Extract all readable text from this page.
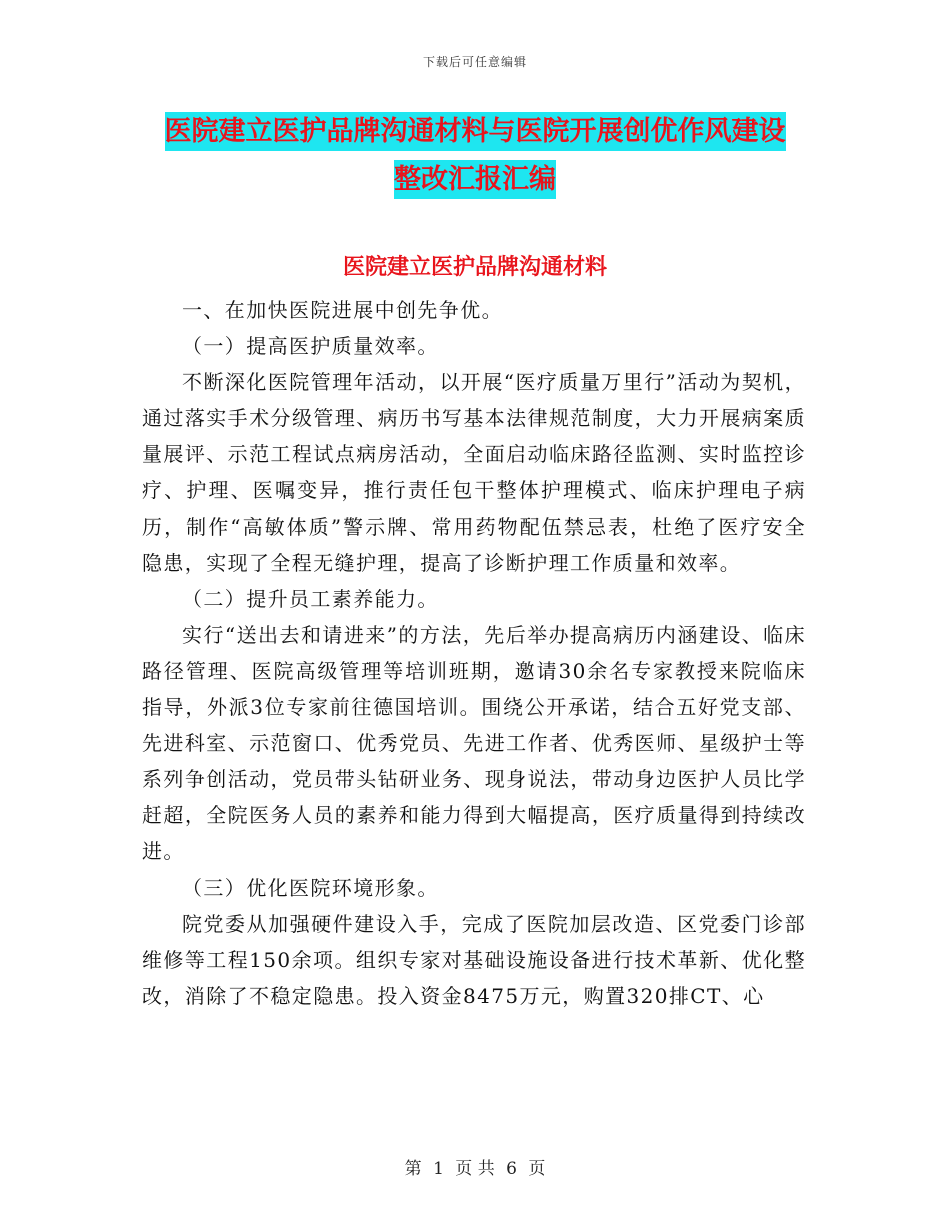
下载后可任意编辑
医院建立医护品牌沟通材料与医院开展创优作风建设
整改汇报汇编
医院建立医护品牌沟通材料

一、在加快医院进展中创先争优。

（一）提高医护质量效率。

不断深化医院管理年活动，以开展“医疗质量万里行”活动为契机，通过落实手术分级管理、病历书写基本法律规范制度，大力开展病案质量展评、示范工程试点病房活动，全面启动临床路径监测、实时监控诊疗、护理、医嘱变异，推行责任包干整体护理模式、临床护理电子病历，制作“高敏体质”警示牌、常用药物配伍禁忌表，杜绝了医疗安全隐患，实现了全程无缝护理，提高了诊断护理工作质量和效率。

（二）提升员工素养能力。

实行“送出去和请进来”的方法，先后举办提高病历内涵建设、临床路径管理、医院高级管理等培训班期，邀请30余名专家教授来院临床指导，外派3位专家前往德国培训。围绕公开承诺，结合五好党支部、先进科室、示范窗口、优秀党员、先进工作者、优秀医师、星级护士等系列争创活动，党员带头钻研业务、现身说法，带动身边医护人员比学赶超，全院医务人员的素养和能力得到大幅提高，医疗质量得到持续改进。

（三）优化医院环境形象。

院党委从加强硬件建设入手，完成了医院加层改造、区党委门诊部维修等工程150余项。组织专家对基础设施设备进行技术革新、优化整改，消除了不稳定隐患。投入资金8475万元，购置320排CT、心

第 1 页 共 6 页
